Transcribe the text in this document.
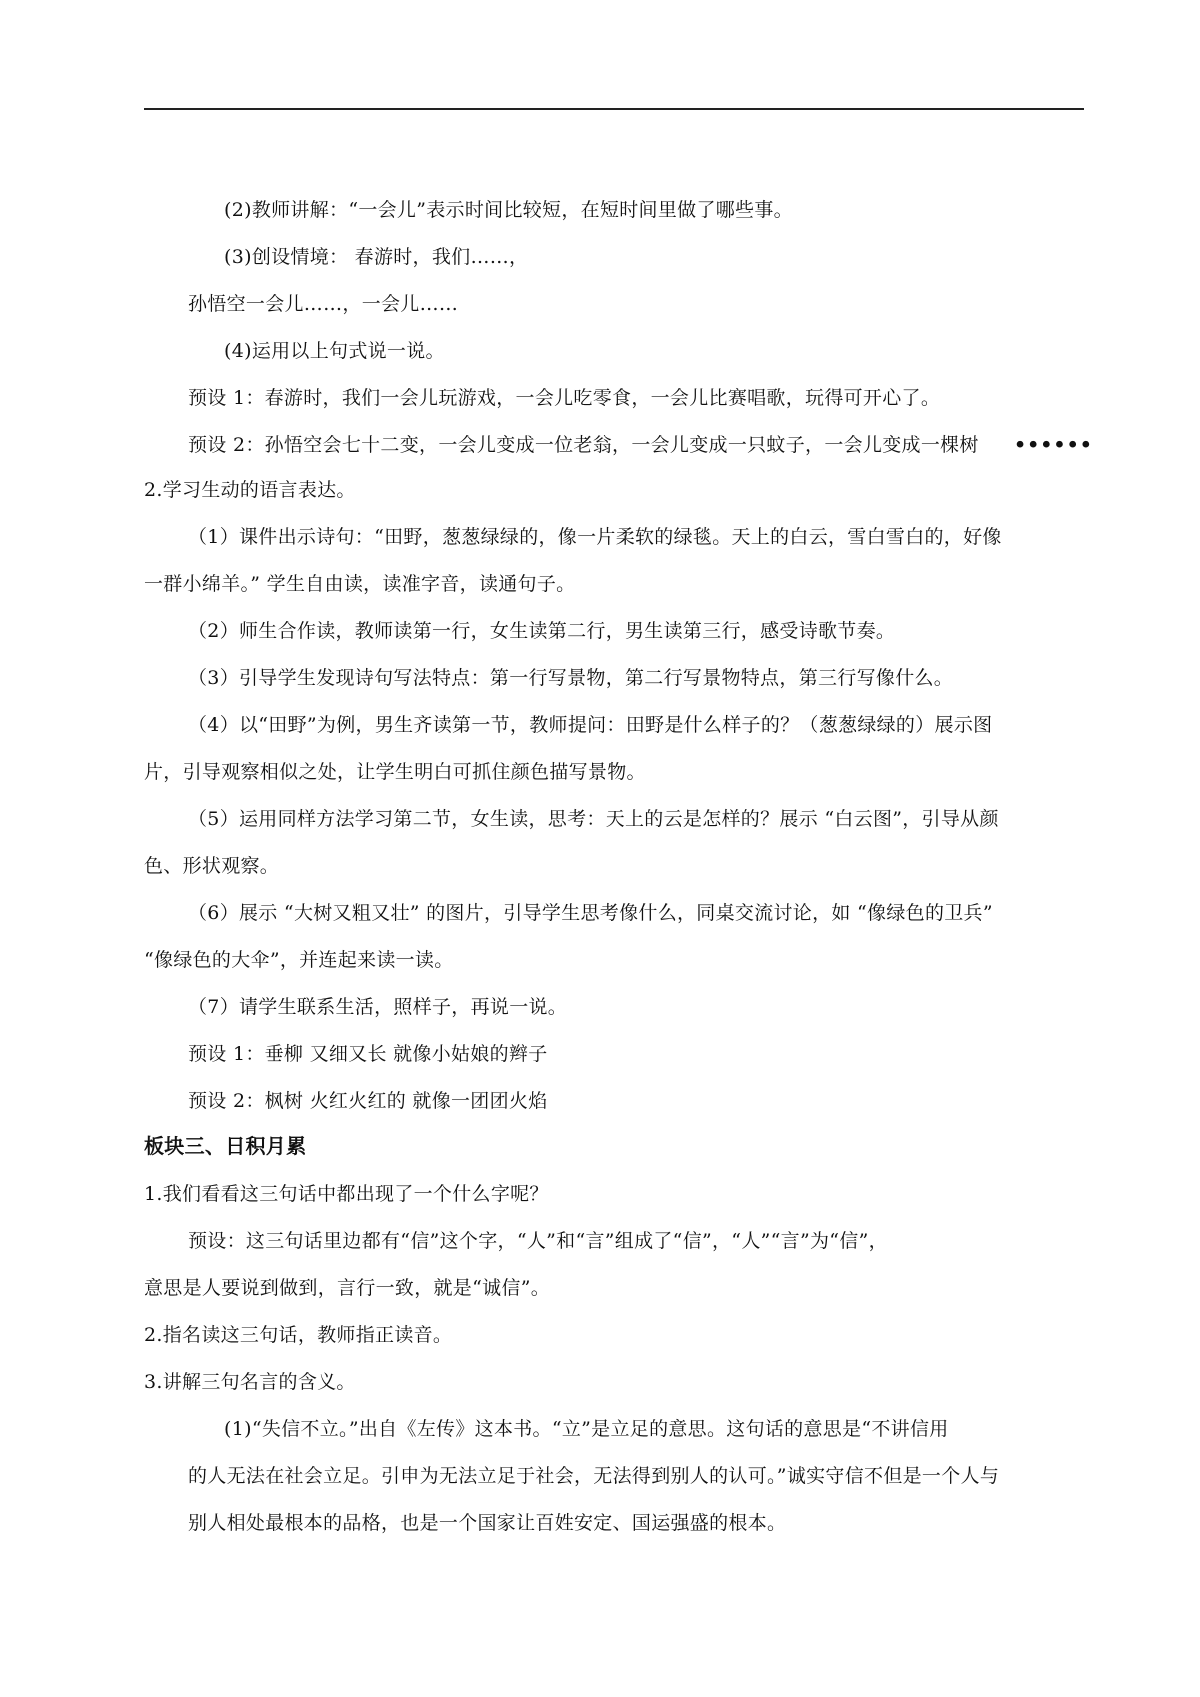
(2)教师讲解：“一会儿”表示时间比较短，在短时间里做了哪些事。
(3)创设情境： 春游时，我们……，
孙悟空一会儿……，一会儿……
(4)运用以上句式说一说。
预设 1：春游时，我们一会儿玩游戏，一会儿吃零食，一会儿比赛唱歌，玩得可开心了。
预设 2：孙悟空会七十二变，一会儿变成一位老翁，一会儿变成一只蚊子，一会儿变成一棵树 ••••••
2.学习生动的语言表达。
（1）课件出示诗句：“田野，葱葱绿绿的，像一片柔软的绿毯。天上的白云，雪白雪白的，好像
一群小绵羊。” 学生自由读，读准字音，读通句子。
（2）师生合作读，教师读第一行，女生读第二行，男生读第三行，感受诗歌节奏。
（3）引导学生发现诗句写法特点：第一行写景物，第二行写景物特点，第三行写像什么。
（4）以“田野”为例，男生齐读第一节，教师提问：田野是什么样子的？（葱葱绿绿的）展示图
片，引导观察相似之处，让学生明白可抓住颜色描写景物。
（5）运用同样方法学习第二节，女生读，思考：天上的云是怎样的？展示 “白云图”，引导从颜
色、形状观察。
（6）展示 “大树又粗又壮” 的图片，引导学生思考像什么，同桌交流讨论，如 “像绿色的卫兵”
“像绿色的大伞”，并连起来读一读。
（7）请学生联系生活，照样子，再说一说。
预设 1：垂柳 又细又长 就像小姑娘的辫子
预设 2：枫树 火红火红的 就像一团团火焰
板块三、日积月累
1.我们看看这三句话中都出现了一个什么字呢？
预设：这三句话里边都有“信”这个字，“人”和“言”组成了“信”，“人”“言”为“信”，
意思是人要说到做到，言行一致，就是“诚信”。
2.指名读这三句话，教师指正读音。
3.讲解三句名言的含义。
(1)“失信不立。”出自《左传》这本书。“立”是立足的意思。这句话的意思是“不讲信用
的人无法在社会立足。引申为无法立足于社会，无法得到别人的认可。”诚实守信不但是一个人与
别人相处最根本的品格，也是一个国家让百姓安定、国运强盛的根本。
